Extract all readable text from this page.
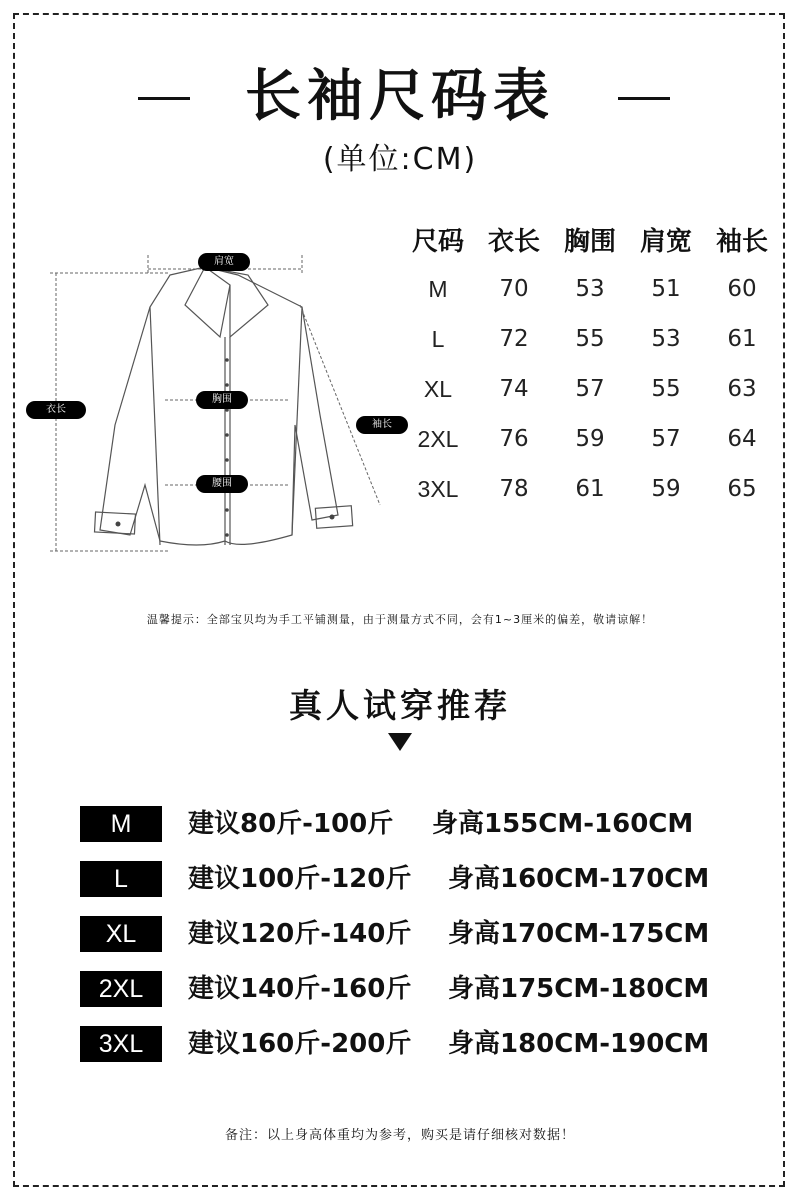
长袖尺码表
(单位:CM)
肩宽
衣长
胸围
袖长
腰围
尺码	衣长	胸围	肩宽	袖长
M	70	53	51	60
L	72	55	53	61
XL	74	57	55	63
2XL	76	59	57	64
3XL	78	61	59	65
温馨提示：全部宝贝均为手工平铺测量，由于测量方式不同，会有1~3厘米的偏差，敬请谅解！
真人试穿推荐
M	建议80斤-100斤 身高155CM-160CM
L	建议100斤-120斤 身高160CM-170CM
XL	建议120斤-140斤 身高170CM-175CM
2XL	建议140斤-160斤 身高175CM-180CM
3XL	建议160斤-200斤 身高180CM-190CM
备注：以上身高体重均为参考，购买是请仔细核对数据！
